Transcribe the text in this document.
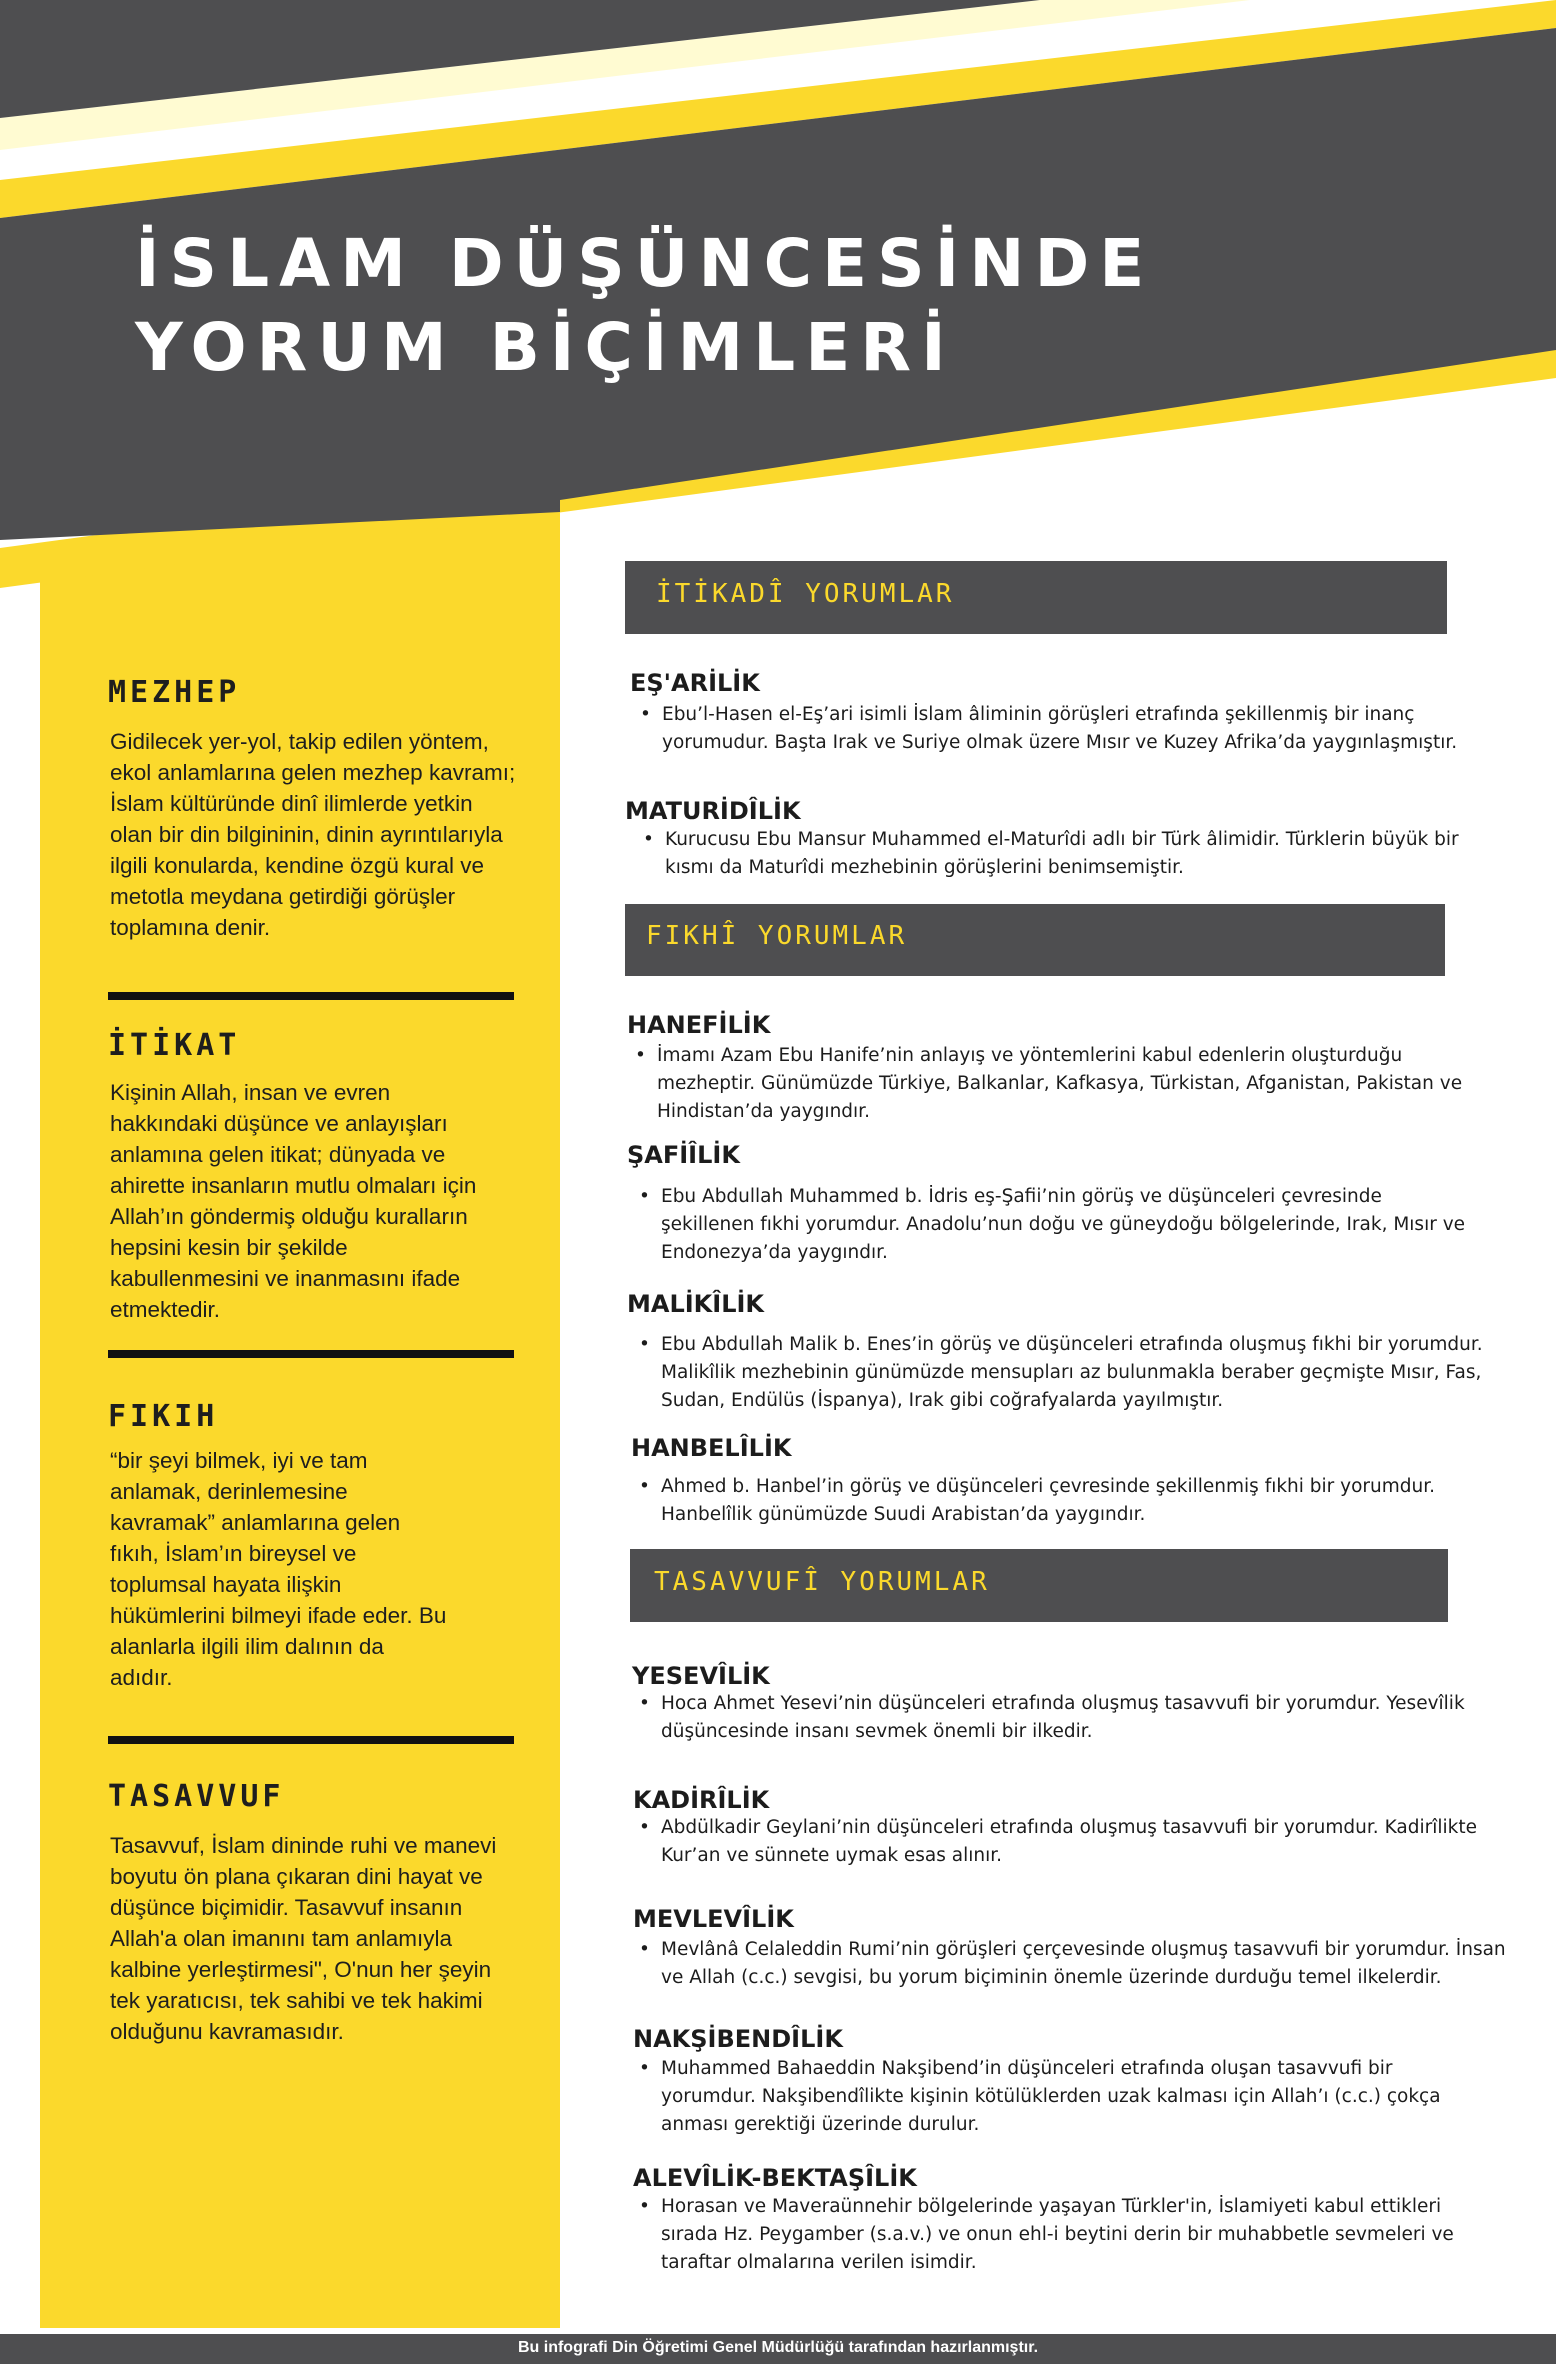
İSLAM DÜŞÜNCESİNDE
YORUM BİÇİMLERİ
MEZHEP

Gidilecek yer-yol, takip edilen yöntem, ekol anlamlarına gelen mezhep kavramı; İslam kültüründe dinî ilimlerde yetkin olan bir din bilgininin, dinin ayrıntılarıyla ilgili konularda, kendine özgü kural ve metotla meydana getirdiği görüşler toplamına denir.

İTİKAT

Kişinin Allah, insan ve evren hakkındaki düşünce ve anlayışları anlamına gelen itikat; dünyada ve ahirette insanların mutlu olmaları için Allah’ın göndermiş olduğu kuralların hepsini kesin bir şekilde kabullenmesini ve inanmasını ifade etmektedir.

FIKIH

“bir şeyi bilmek, iyi ve tam anlamak, derinlemesine kavramak” anlamlarına gelen fıkıh, İslam’ın bireysel ve toplumsal hayata ilişkin hükümlerini bilmeyi ifade eder. Bu alanlarla ilgili ilim dalının da adıdır.

TASAVVUF

Tasavvuf, İslam dininde ruhi ve manevi boyutu ön plana çıkaran dini hayat ve düşünce biçimidir. Tasavvuf insanın Allah'a olan imanını tam anlamıyla kalbine yerleştirmesi", O'nun her şeyin tek yaratıcısı, tek sahibi ve tek hakimi olduğunu kavramasıdır.

İTİKADÎ YORUMLAR
EŞ'ARİLİK

• Ebu’l-Hasen el-Eş’ari isimli İslam âliminin görüşleri etrafında şekillenmiş bir inanç yorumudur. Başta Irak ve Suriye olmak üzere Mısır ve Kuzey Afrika’da yaygınlaşmıştır.

MATURİDÎLİK

• Kurucusu Ebu Mansur Muhammed el-Maturîdi adlı bir Türk âlimidir. Türklerin büyük bir kısmı da Maturîdi mezhebinin görüşlerini benimsemiştir.

FIKHÎ YORUMLAR
HANEFİLİK

• İmamı Azam Ebu Hanife’nin anlayış ve yöntemlerini kabul edenlerin oluşturduğu mezheptir. Günümüzde Türkiye, Balkanlar, Kafkasya, Türkistan, Afganistan, Pakistan ve Hindistan’da yaygındır.

ŞAFİÎLİK

• Ebu Abdullah Muhammed b. İdris eş-Şafii’nin görüş ve düşünceleri çevresinde şekillenen fıkhi yorumdur. Anadolu’nun doğu ve güneydoğu bölgelerinde, Irak, Mısır ve Endonezya’da yaygındır.

MALİKÎLİK

• Ebu Abdullah Malik b. Enes’in görüş ve düşünceleri etrafında oluşmuş fıkhi bir yorumdur. Malikîlik mezhebinin günümüzde mensupları az bulunmakla beraber geçmişte Mısır, Fas, Sudan, Endülüs (İspanya), Irak gibi coğrafyalarda yayılmıştır.

HANBELÎLİK

• Ahmed b. Hanbel’in görüş ve düşünceleri çevresinde şekillenmiş fıkhi bir yorumdur. Hanbelîlik günümüzde Suudi Arabistan’da yaygındır.

TASAVVUFÎ YORUMLAR
YESEVÎLİK

• Hoca Ahmet Yesevi’nin düşünceleri etrafında oluşmuş tasavvufi bir yorumdur. Yesevîlik düşüncesinde insanı sevmek önemli bir ilkedir.

KADİRÎLİK

• Abdülkadir Geylani’nin düşünceleri etrafında oluşmuş tasavvufi bir yorumdur. Kadirîlikte Kur’an ve sünnete uymak esas alınır.

MEVLEVÎLİK

• Mevlânâ Celaleddin Rumi’nin görüşleri çerçevesinde oluşmuş tasavvufi bir yorumdur. İnsan ve Allah (c.c.) sevgisi, bu yorum biçiminin önemle üzerinde durduğu temel ilkelerdir.

NAKŞİBENDÎLİK

• Muhammed Bahaeddin Nakşibend’in düşünceleri etrafında oluşan tasavvufi bir yorumdur. Nakşibendîlikte kişinin kötülüklerden uzak kalması için Allah’ı (c.c.) çokça anması gerektiği üzerinde durulur.

ALEVÎLİK-BEKTAŞÎLİK

• Horasan ve Maveraünnehir bölgelerinde yaşayan Türkler'in, İslamiyeti kabul ettikleri sırada Hz. Peygamber (s.a.v.) ve onun ehl-i beytini derin bir muhabbetle sevmeleri ve taraftar olmalarına verilen isimdir.

Bu infografi Din Öğretimi Genel Müdürlüğü tarafından hazırlanmıştır.
